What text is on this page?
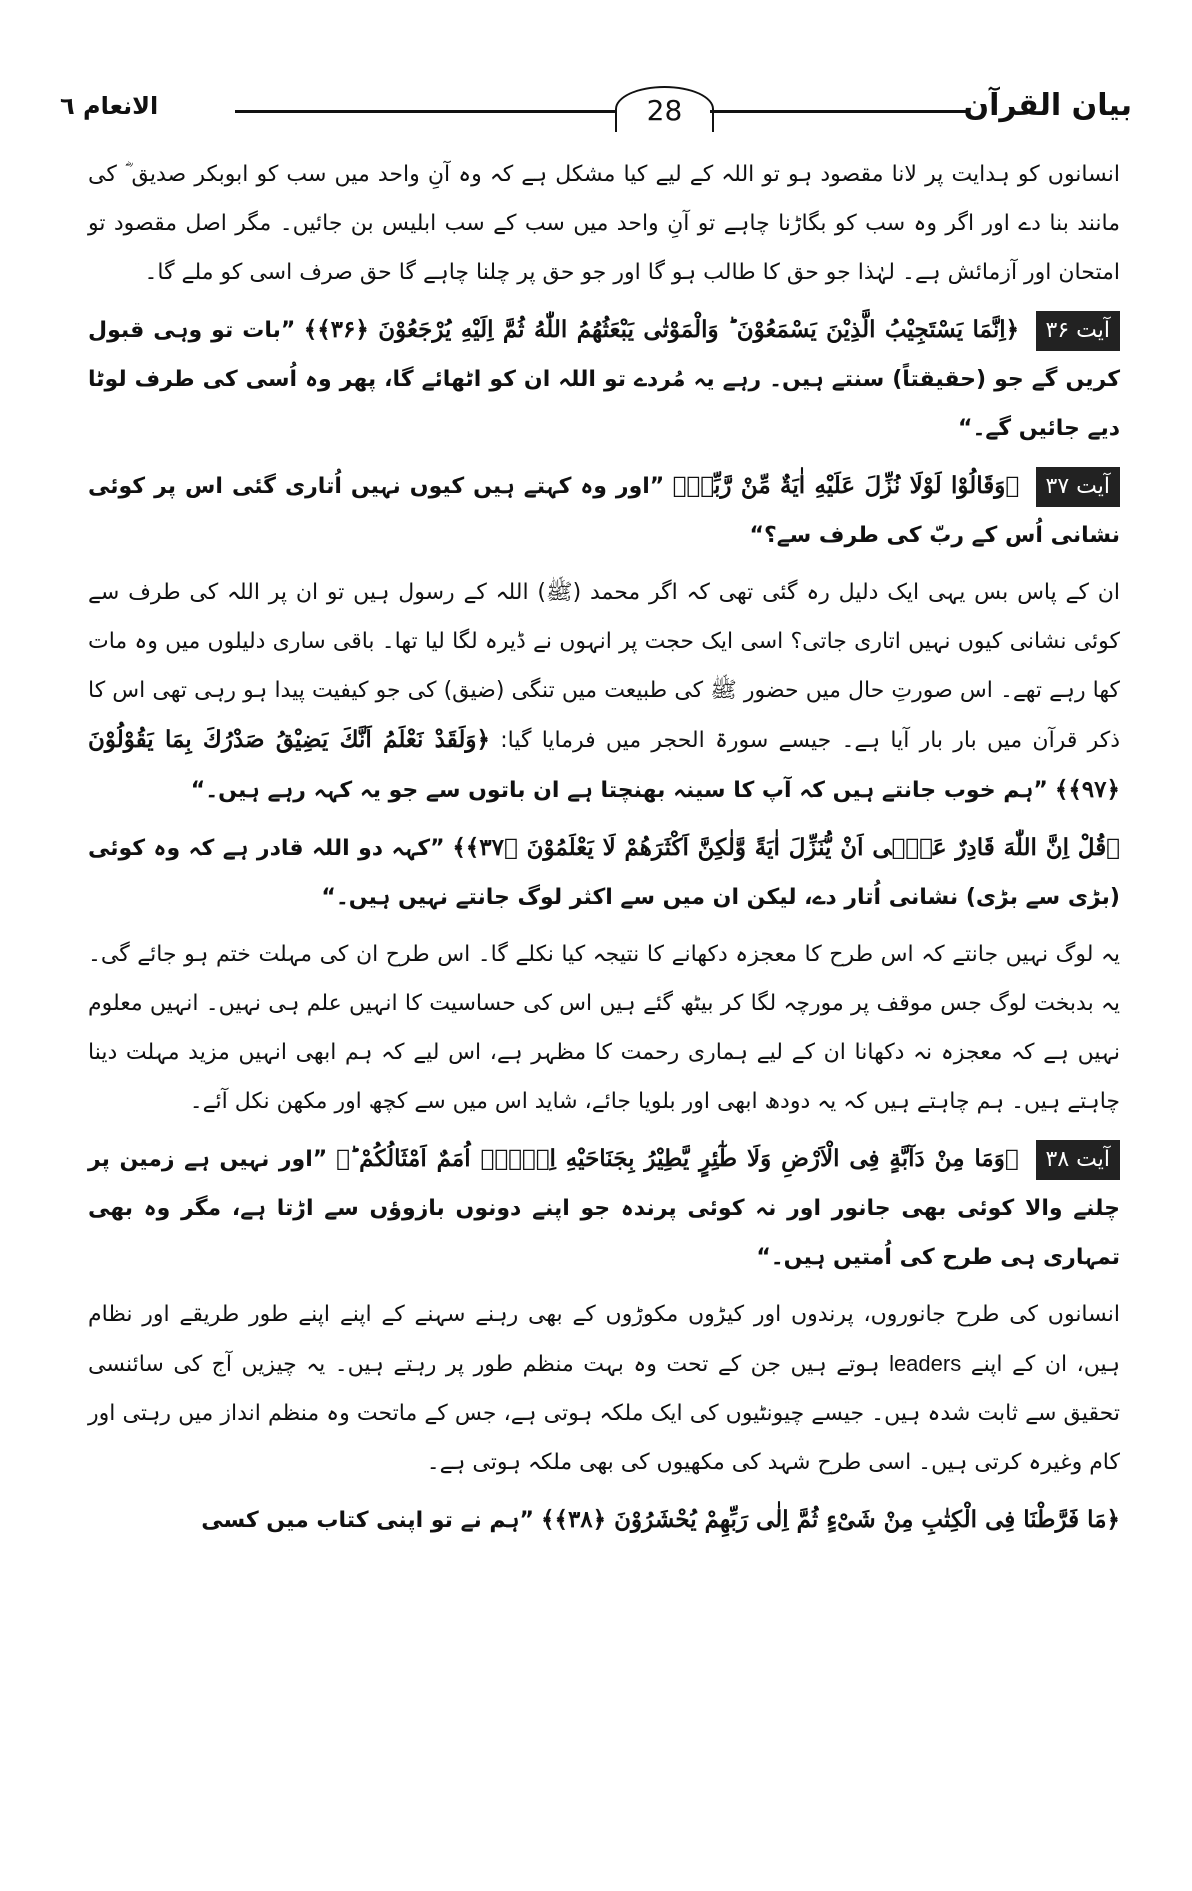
الانعام ٦	28	بیان القرآن

انسانوں کو ہدایت پر لانا مقصود ہو تو اللہ کے لیے کیا مشکل ہے کہ وہ آنِ واحد میں سب کو ابوبکر صدیق ؓ کی مانند بنا دے اور اگر وہ سب کو بگاڑنا چاہے تو آنِ واحد میں سب کے سب ابلیس بن جائیں۔ مگر اصل مقصود تو امتحان اور آزمائش ہے۔ لہٰذا جو حق کا طالب ہو گا اور جو حق پر چلنا چاہے گا حق صرف اسی کو ملے گا۔

آیت ۳۶ ﴿اِنَّمَا یَسْتَجِیْبُ الَّذِیْنَ یَسْمَعُوْنَ ؕ وَالْمَوْتٰی یَبْعَثُهُمُ اللّٰهُ ثُمَّ اِلَیْهِ یُرْجَعُوْنَ ﴿۳۶﴾﴾ ”بات تو وہی قبول کریں گے جو (حقیقتاً) سنتے ہیں۔ رہے یہ مُردے تو اللہ ان کو اٹھائے گا، پھر وہ اُسی کی طرف لوٹا دیے جائیں گے۔“

آیت ۳۷ ﴿وَقَالُوْا لَوْلَا نُزِّلَ عَلَیْهِ اٰیَةٌ مِّنْ رَّبِّهٖ﴾ ”اور وہ کہتے ہیں کیوں نہیں اُتاری گئی اس پر کوئی نشانی اُس کے ربّ کی طرف سے؟“

ان کے پاس بس یہی ایک دلیل رہ گئی تھی کہ اگر محمد (ﷺ) اللہ کے رسول ہیں تو ان پر اللہ کی طرف سے کوئی نشانی کیوں نہیں اتاری جاتی؟ اسی ایک حجت پر انہوں نے ڈیرہ لگا لیا تھا۔ باقی ساری دلیلوں میں وہ مات کھا رہے تھے۔ اس صورتِ حال میں حضور ﷺ کی طبیعت میں تنگی (ضیق) کی جو کیفیت پیدا ہو رہی تھی اس کا ذکر قرآن میں بار بار آیا ہے۔ جیسے سورۃ الحجر میں فرمایا گیا: ﴿وَلَقَدْ نَعْلَمُ اَنَّكَ یَضِیْقُ صَدْرُكَ بِمَا یَقُوْلُوْنَ ﴿۹۷﴾﴾ ”ہم خوب جانتے ہیں کہ آپ کا سینہ بھنچتا ہے ان باتوں سے جو یہ کہہ رہے ہیں۔“

﴿قُلْ اِنَّ اللّٰهَ قَادِرٌ عَلٰۤی اَنْ یُّنَزِّلَ اٰیَةً وَّلٰكِنَّ اَكْثَرَهُمْ لَا یَعْلَمُوْنَ ﴿۳۷﴾﴾ ”کہہ دو اللہ قادر ہے کہ وہ کوئی (بڑی سے بڑی) نشانی اُتار دے، لیکن ان میں سے اکثر لوگ جانتے نہیں ہیں۔“

یہ لوگ نہیں جانتے کہ اس طرح کا معجزہ دکھانے کا نتیجہ کیا نکلے گا۔ اس طرح ان کی مہلت ختم ہو جائے گی۔ یہ بدبخت لوگ جس موقف پر مورچہ لگا کر بیٹھ گئے ہیں اس کی حساسیت کا انہیں علم ہی نہیں۔ انہیں معلوم نہیں ہے کہ معجزہ نہ دکھانا ان کے لیے ہماری رحمت کا مظہر ہے، اس لیے کہ ہم ابھی انہیں مزید مہلت دینا چاہتے ہیں۔ ہم چاہتے ہیں کہ یہ دودھ ابھی اور بلویا جائے، شاید اس میں سے کچھ اور مکھن نکل آئے۔

آیت ۳۸ ﴿وَمَا مِنْ دَآبَّةٍ فِی الْاَرْضِ وَلَا طٰٓئِرٍ یَّطِیْرُ بِجَنَاحَیْهِ اِلَّاۤ اُمَمٌ اَمْثَالُكُمْ ؕ﴾ ”اور نہیں ہے زمین پر چلنے والا کوئی بھی جانور اور نہ کوئی پرندہ جو اپنے دونوں بازوؤں سے اڑتا ہے، مگر وہ بھی تمہاری ہی طرح کی اُمتیں ہیں۔“

انسانوں کی طرح جانوروں، پرندوں اور کیڑوں مکوڑوں کے بھی رہنے سہنے کے اپنے اپنے طور طریقے اور نظام ہیں، ان کے اپنے leaders ہوتے ہیں جن کے تحت وہ بہت منظم طور پر رہتے ہیں۔ یہ چیزیں آج کی سائنسی تحقیق سے ثابت شدہ ہیں۔ جیسے چیونٹیوں کی ایک ملکہ ہوتی ہے، جس کے ماتحت وہ منظم انداز میں رہتی اور کام وغیرہ کرتی ہیں۔ اسی طرح شہد کی مکھیوں کی بھی ملکہ ہوتی ہے۔

﴿مَا فَرَّطْنَا فِی الْكِتٰبِ مِنْ شَیْءٍ ثُمَّ اِلٰی رَبِّهِمْ یُحْشَرُوْنَ ﴿۳۸﴾﴾ ”ہم نے تو اپنی کتاب میں کسی
